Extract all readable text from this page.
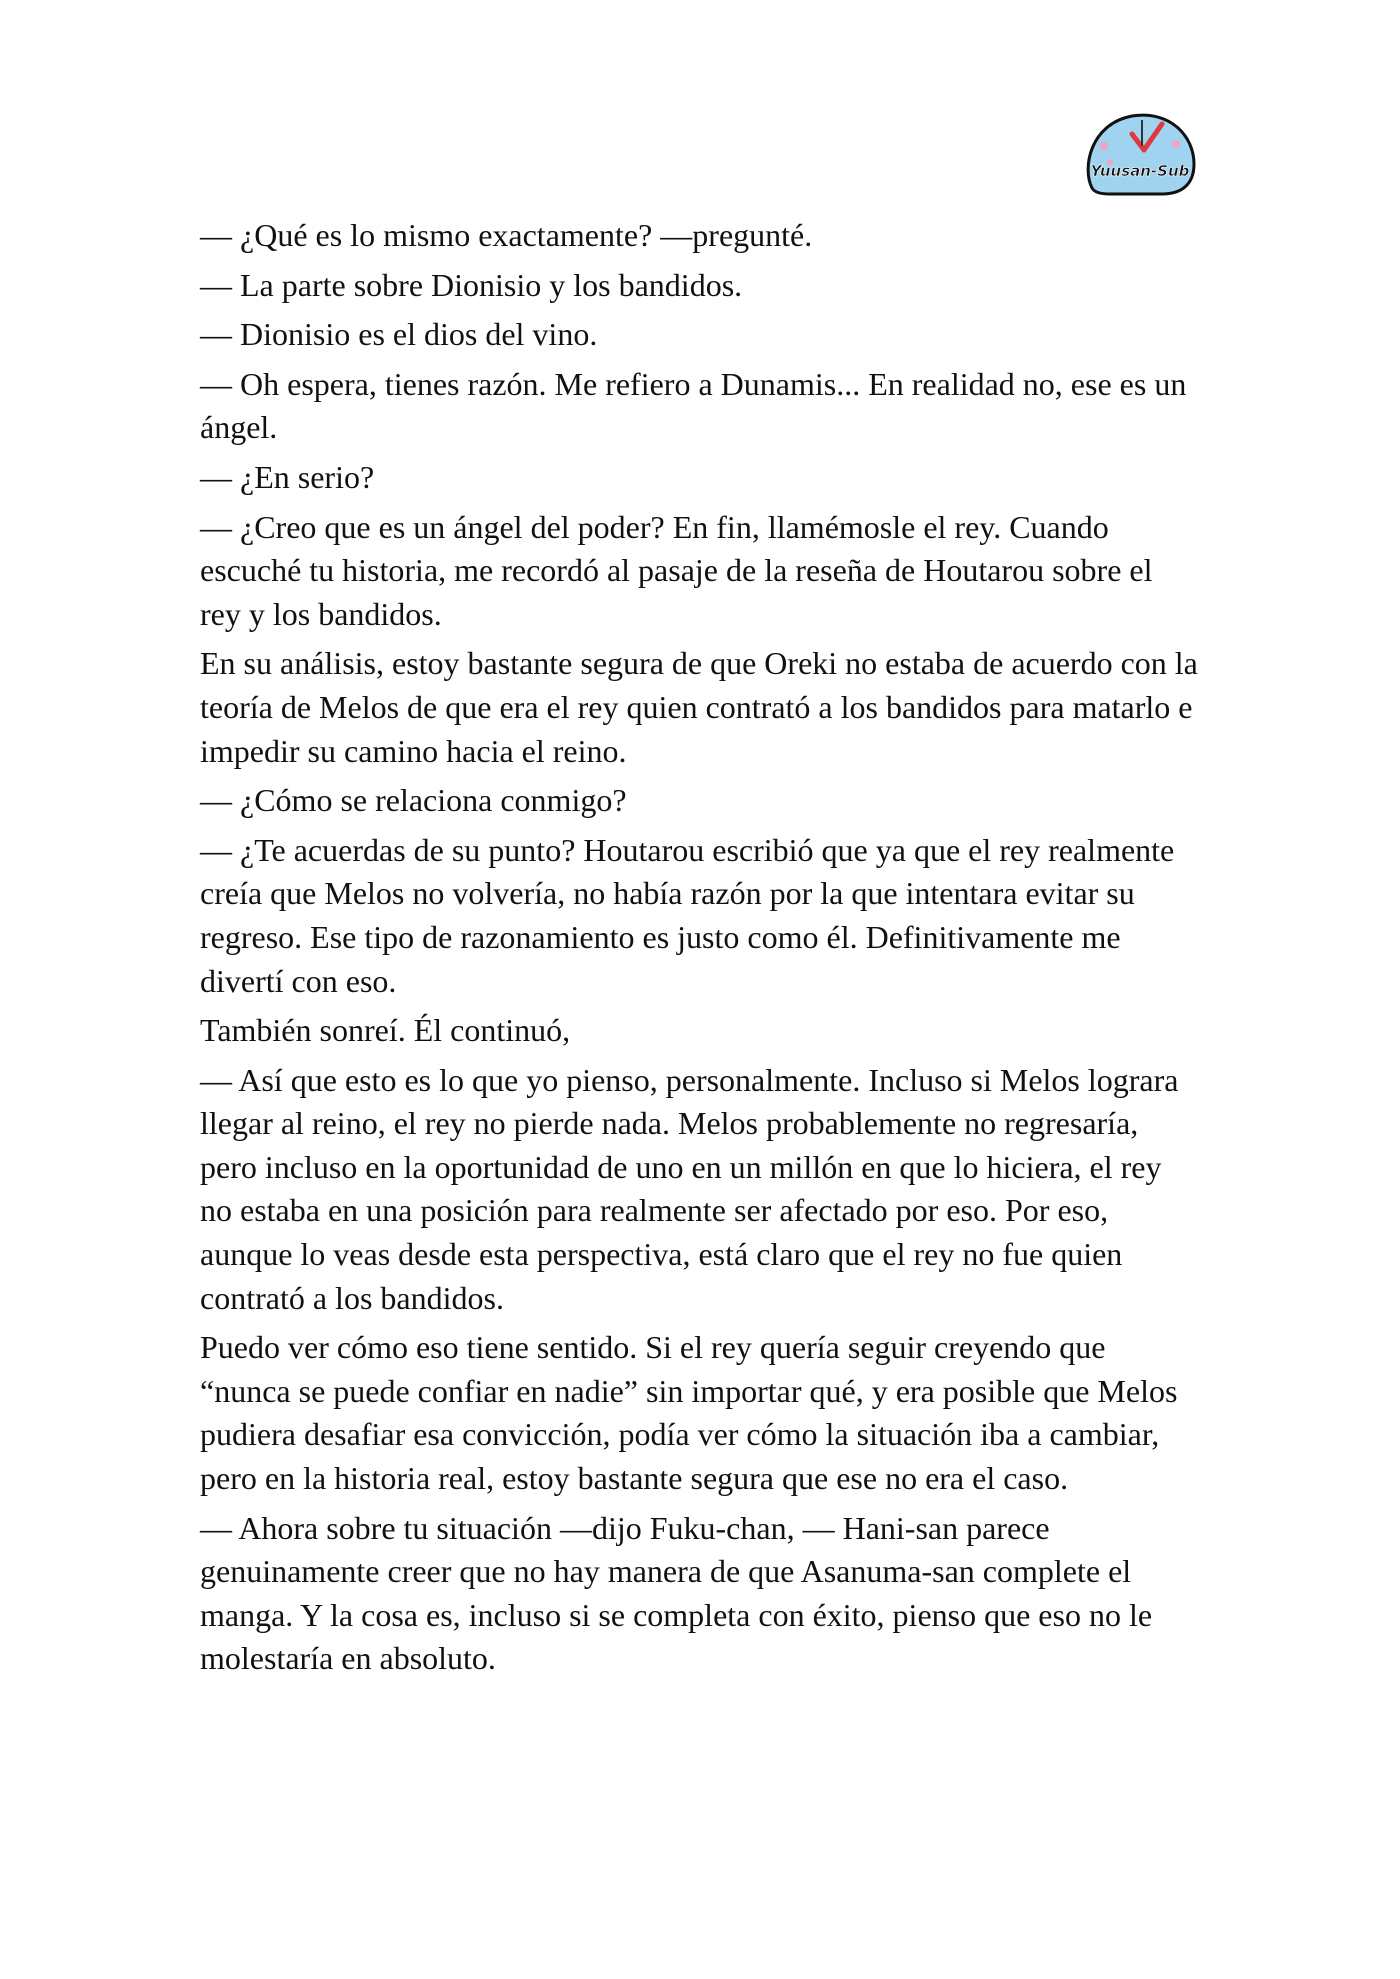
Yuusan-Sub

— ¿Qué es lo mismo exactamente? —pregunté.

— La parte sobre Dionisio y los bandidos.

— Dionisio es el dios del vino.

— Oh espera, tienes razón. Me refiero a Dunamis... En realidad no, ese es un ángel.

— ¿En serio?

— ¿Creo que es un ángel del poder? En fin, llamémosle el rey. Cuando escuché tu historia, me recordó al pasaje de la reseña de Houtarou sobre el rey y los bandidos.

En su análisis, estoy bastante segura de que Oreki no estaba de acuerdo con la teoría de Melos de que era el rey quien contrató a los bandidos para matarlo e impedir su camino hacia el reino.

— ¿Cómo se relaciona conmigo?

— ¿Te acuerdas de su punto? Houtarou escribió que ya que el rey realmente creía que Melos no volvería, no había razón por la que intentara evitar su regreso. Ese tipo de razonamiento es justo como él. Definitivamente me divertí con eso.

También sonreí. Él continuó,

— Así que esto es lo que yo pienso, personalmente. Incluso si Melos lograra llegar al reino, el rey no pierde nada. Melos probablemente no regresaría, pero incluso en la oportunidad de uno en un millón en que lo hiciera, el rey no estaba en una posición para realmente ser afectado por eso. Por eso, aunque lo veas desde esta perspectiva, está claro que el rey no fue quien contrató a los bandidos.

Puedo ver cómo eso tiene sentido. Si el rey quería seguir creyendo que “nunca se puede confiar en nadie” sin importar qué, y era posible que Melos pudiera desafiar esa convicción, podía ver cómo la situación iba a cambiar, pero en la historia real, estoy bastante segura que ese no era el caso.

— Ahora sobre tu situación —dijo Fuku-chan, — Hani-san parece genuinamente creer que no hay manera de que Asanuma-san complete el manga. Y la cosa es, incluso si se completa con éxito, pienso que eso no le molestaría en absoluto.
